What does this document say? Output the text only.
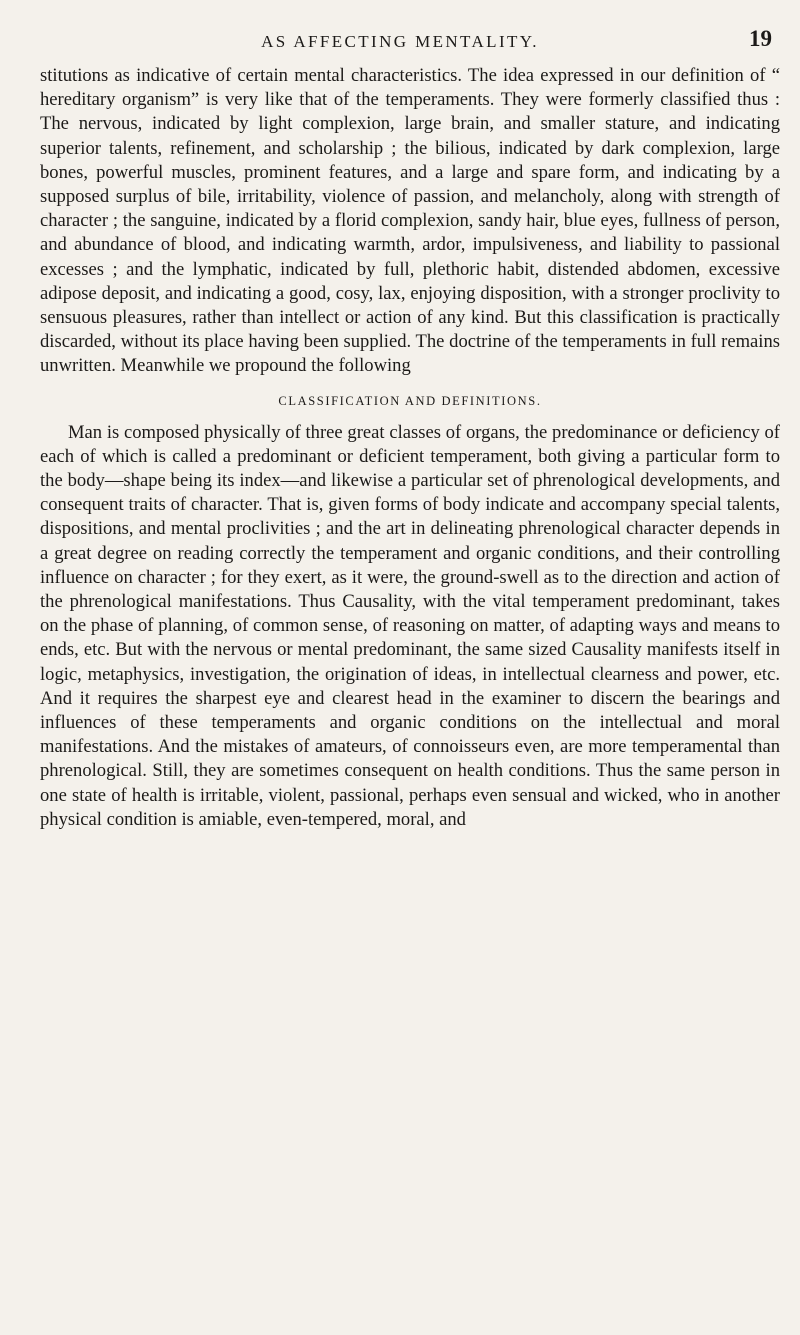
AS AFFECTING MENTALITY.	19

stitutions as indicative of certain mental characteristics. The idea expressed in our definition of “ hereditary organism” is very like that of the temperaments. They were formerly classified thus : The nervous, indicated by light complexion, large brain, and smaller stature, and indicating superior talents, refinement, and scholarship ; the bilious, indicated by dark complexion, large bones, powerful muscles, prominent features, and a large and spare form, and indicating by a supposed surplus of bile, irritability, violence of passion, and melancholy, along with strength of character ; the sanguine, indicated by a florid complexion, sandy hair, blue eyes, fullness of person, and abundance of blood, and indicating warmth, ardor, impulsiveness, and liability to passional excesses ; and the lymphatic, indicated by full, plethoric habit, distended abdomen, excessive adipose deposit, and indicating a good, cosy, lax, enjoying disposition, with a stronger proclivity to sensuous pleasures, rather than intellect or action of any kind. But this classification is practically discarded, without its place having been supplied. The doctrine of the temperaments in full remains unwritten. Meanwhile we propound the following

CLASSIFICATION AND DEFINITIONS.

Man is composed physically of three great classes of organs, the predominance or deficiency of each of which is called a predominant or deficient temperament, both giving a particular form to the body—shape being its index—and likewise a particular set of phrenological developments, and consequent traits of character. That is, given forms of body indicate and accompany special talents, dispositions, and mental proclivities ; and the art in delineating phrenological character depends in a great degree on reading correctly the temperament and organic conditions, and their controlling influence on character ; for they exert, as it were, the ground-swell as to the direction and action of the phrenological manifestations. Thus Causality, with the vital temperament predominant, takes on the phase of planning, of common sense, of reasoning on matter, of adapting ways and means to ends, etc. But with the nervous or mental predominant, the same sized Causality manifests itself in logic, metaphysics, investigation, the origination of ideas, in intellectual clearness and power, etc. And it requires the sharpest eye and clearest head in the examiner to discern the bearings and influences of these temperaments and organic conditions on the intellectual and moral manifestations. And the mistakes of amateurs, of connoisseurs even, are more temperamental than phrenological. Still, they are sometimes consequent on health conditions. Thus the same person in one state of health is irritable, violent, passional, perhaps even sensual and wicked, who in another physical condition is amiable, even-tempered, moral, and
